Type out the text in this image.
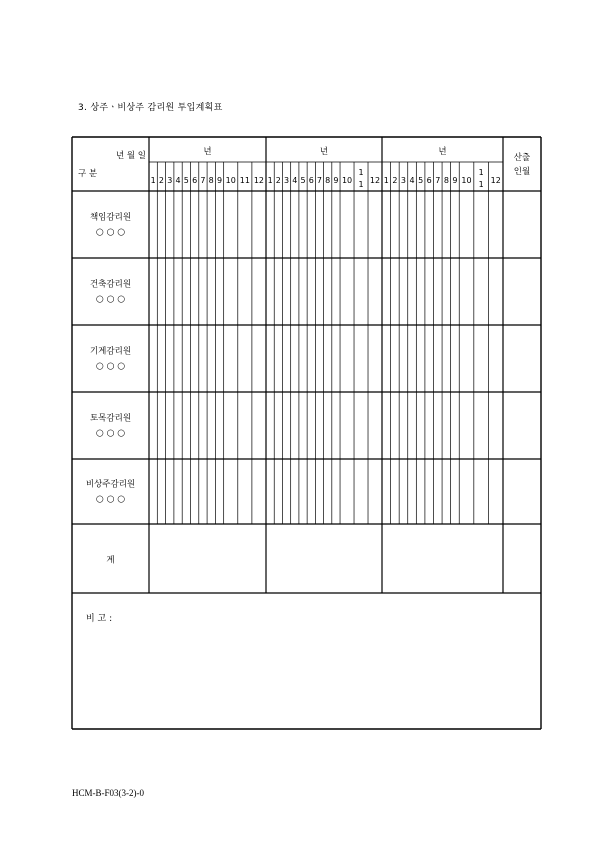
3. 상주ㆍ비상주 감리원 투입계획표
년 월 일
구 분
산출
인월
년
1 2 3 4 5 6 7 8 9 10 11 12
년
1 2 3 4 5 6 7 8 9 10
1
1 12
년
1 2 3 4 5 6 7 8 9 10
1
1 12
책임감리원
○ ○ ○
건축감리원
○ ○ ○
기계감리원
○ ○ ○
토목감리원
○ ○ ○
비상주감리원
○ ○ ○
계
비 고 :
HCM-B-F03(3-2)-0
